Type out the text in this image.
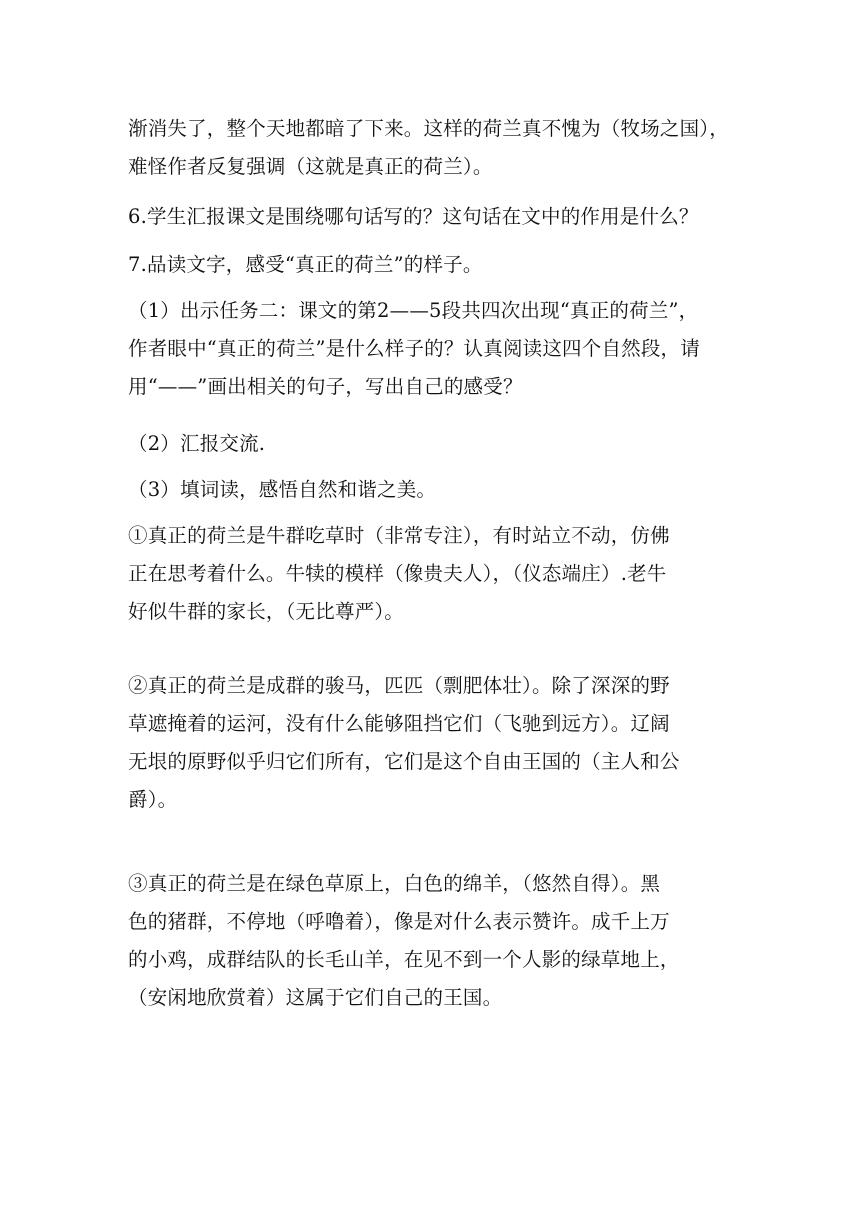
渐消失了，整个天地都暗了下来。这样的荷兰真不愧为（牧场之国），
难怪作者反复强调（这就是真正的荷兰）。
6.学生汇报课文是围绕哪句话写的？这句话在文中的作用是什么？
7.品读文字，感受“真正的荷兰”的样子。
（1）出示任务二：课文的第2——5段共四次出现“真正的荷兰”，
作者眼中“真正的荷兰”是什么样子的？认真阅读这四个自然段，请
用“——”画出相关的句子，写出自己的感受？
（2）汇报交流.
（3）填词读，感悟自然和谐之美。
①真正的荷兰是牛群吃草时（非常专注），有时站立不动，仿佛
正在思考着什么。牛犊的模样（像贵夫人），（仪态端庄）.老牛
好似牛群的家长，（无比尊严）。
②真正的荷兰是成群的骏马，匹匹（剽肥体壮）。除了深深的野
草遮掩着的运河，没有什么能够阻挡它们（飞驰到远方）。辽阔
无垠的原野似乎归它们所有，它们是这个自由王国的（主人和公
爵）。
③真正的荷兰是在绿色草原上，白色的绵羊，（悠然自得）。黑
色的猪群，不停地（呼噜着），像是对什么表示赞许。成千上万
的小鸡，成群结队的长毛山羊，在见不到一个人影的绿草地上，
（安闲地欣赏着）这属于它们自己的王国。
